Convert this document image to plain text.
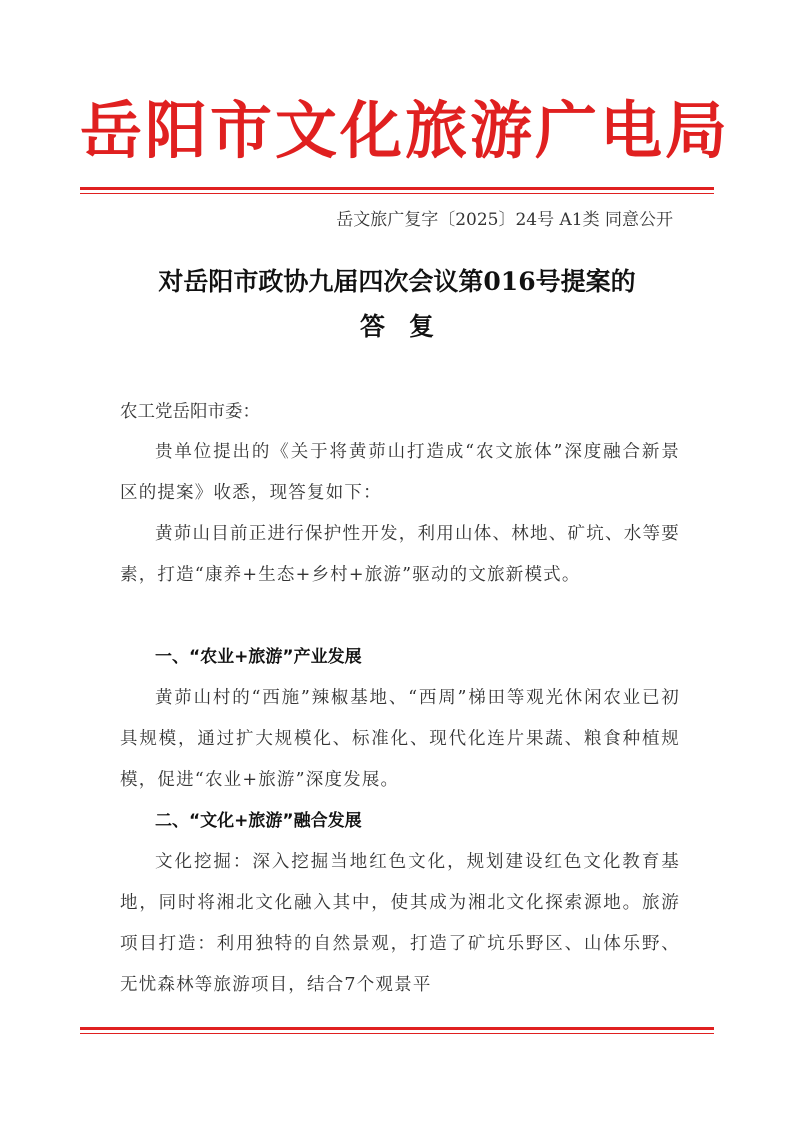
岳阳市文化旅游广电局
岳文旅广复字〔2025〕24号 A1类 同意公开
对岳阳市政协九届四次会议第016号提案的
答复
农工党岳阳市委：
贵单位提出的《关于将黄茆山打造成“农文旅体”深度融合新景区的提案》收悉，现答复如下：
黄茆山目前正进行保护性开发，利用山体、林地、矿坑、水等要素，打造“康养+生态+乡村+旅游”驱动的文旅新模式。
一、“农业+旅游”产业发展
黄茆山村的“西施”辣椒基地、“西周”梯田等观光休闲农业已初具规模，通过扩大规模化、标准化、现代化连片果蔬、粮食种植规模，促进“农业+旅游”深度发展。
二、“文化+旅游”融合发展
文化挖掘：深入挖掘当地红色文化，规划建设红色文化教育基地，同时将湘北文化融入其中，使其成为湘北文化探索源地。旅游项目打造：利用独特的自然景观，打造了矿坑乐野区、山体乐野、无忧森林等旅游项目，结合7个观景平
